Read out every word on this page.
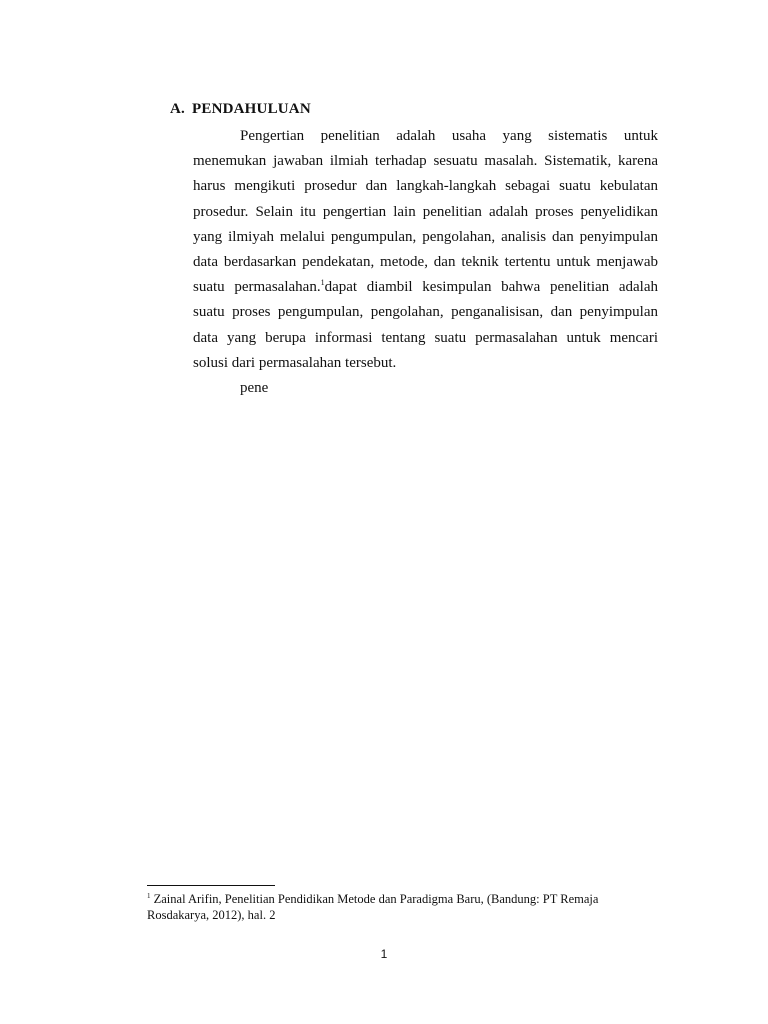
A. PENDAHULUAN
Pengertian penelitian adalah usaha yang sistematis untuk
menemukan jawaban ilmiah terhadap sesuatu masalah. Sistematik, karena
harus mengikuti prosedur dan langkah-langkah sebagai suatu kebulatan
prosedur. Selain itu pengertian lain penelitian adalah proses penyelidikan
yang ilmiyah melalui pengumpulan, pengolahan, analisis dan penyimpulan
data berdasarkan pendekatan, metode, dan teknik tertentu untuk menjawab
suatu permasalahan.$^1$dapat diambil kesimpulan bahwa penelitian adalah
suatu proses pengumpulan, pengolahan, penganalisisan, dan penyimpulan
data yang berupa informasi tentang suatu permasalahan untuk mencari
solusi dari permasalahan tersebut.
pene
$^1$ Zainal Arifin, Penelitian Pendidikan Metode dan Paradigma Baru, (Bandung: PT Remaja
Rosdakarya, 2012), hal. 2
1
